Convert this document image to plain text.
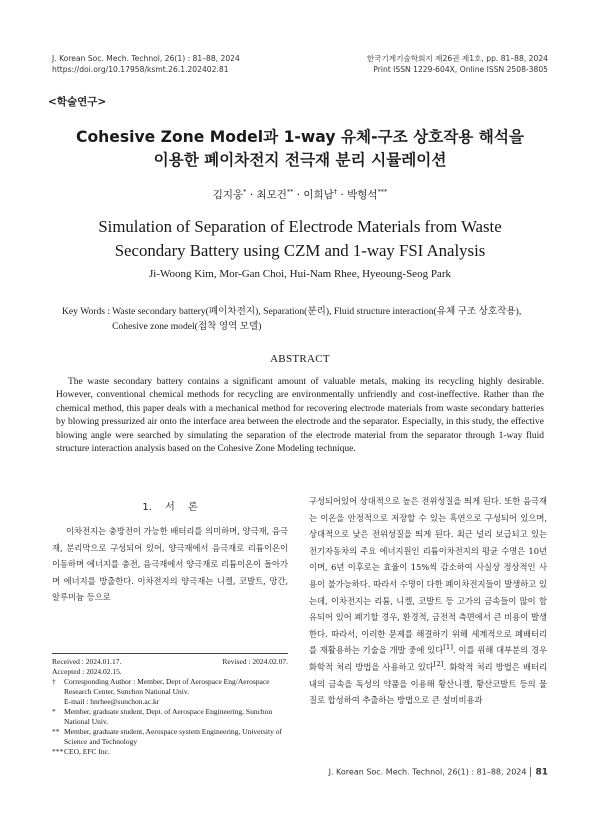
J. Korean Soc. Mech. Technol, 26(1) : 81–88, 2024
https://doi.org/10.17958/ksmt.26.1.202402.81
한국기계기술학회지 제26권 제1호, pp. 81–88, 2024
Print ISSN 1229-604X, Online ISSN 2508-3805
<학술연구>
Cohesive Zone Model과 1-way 유체-구조 상호작용 해석을
이용한 폐이차전지 전극재 분리 시뮬레이션
김지웅* · 최모건** · 이희남† · 박형석***
Simulation of Separation of Electrode Materials from Waste
Secondary Battery using CZM and 1-way FSI Analysis
Ji-Woong Kim, Mor-Gan Choi, Hui-Nam Rhee, Hyeoung-Seog Park
Key Words : Waste secondary battery(폐이차전지), Separation(분리), Fluid structure interaction(유체 구조 상호작용),
Cohesive zone model(접착 영역 모델)
ABSTRACT
The waste secondary battery contains a significant amount of valuable metals, making its recycling highly desirable. However, conventional chemical methods for recycling are environmentally unfriendly and cost-ineffective. Rather than the chemical method, this paper deals with a mechanical method for recovering electrode materials from waste secondary batteries by blowing pressurized air onto the interface area between the electrode and the separator. Especially, in this study, the effective blowing angle were searched by simulating the separation of the electrode material from the separator through 1-way fluid structure interaction analysis based on the Cohesive Zone Modeling technique.
1. 서 론

이차전지는 충방전이 가능한 배터리를 의미하며, 양극재, 음극재, 분리막으로 구성되어 있어, 양극재에서 음극재로 리튬이온이 이동하며 에너지를 충전, 음극재에서 양극재로 리튬이온이 돌아가며 에너지를 방출한다. 이차전지의 양극재는 니켈, 코발트, 망간, 알루미늄 등으로

구성되어있어 상대적으로 높은 전위성질을 띄게 된다. 또한 음극재는 이온을 안정적으로 저장할 수 있는 흑연으로 구성되어 있으며, 상대적으로 낮은 전위성질을 띄게 된다. 최근 널리 보급되고 있는 전기자동차의 주요 에너지원인 리튬이차전지의 평균 수명은 10년이며, 6년 이후로는 효율이 15%씩 감소하여 사실상 정상적인 사용이 불가능하다. 따라서 수명이 다한 폐이차전지들이 발생하고 있는데, 이차전지는 리튬, 니켈, 코발트 등 고가의 금속들이 많이 함유되어 있어 폐기할 경우, 환경적, 금전적 측면에서 큰 비용이 발생한다. 따라서, 이러한 문제를 해결하기 위해 세계적으로 폐배터리를 재활용하는 기술을 개발 중에 있다[1]. 이를 위해 대부분의 경우 화학적 처리 방법을 사용하고 있다[2]. 화학적 처리 방법은 배터리 내의 금속을 독성의 약품을 이용해 황산니켈, 황산코발트 등의 물질로 합성하여 추출하는 방법으로 큰 설비비용과

Received : 2024.01.17.	Revised : 2024.02.07.
Accepted : 2024.02.15.
†	Corresponding Author : Member, Dept of Aerospace Eng/Aerospace Research Center, Sunchon National Univ.
E-mail : hnrhee@sunchon.ac.kr
*	Member, graduate student, Dept. of Aerospace Engineering, Sunchon National Univ.
** Member, graduate student, Aerospace system Engineering, University of Science and Technology
*** CEO, EFC Inc.
J. Korean Soc. Mech. Technol, 26(1) : 81–88, 2024 81
